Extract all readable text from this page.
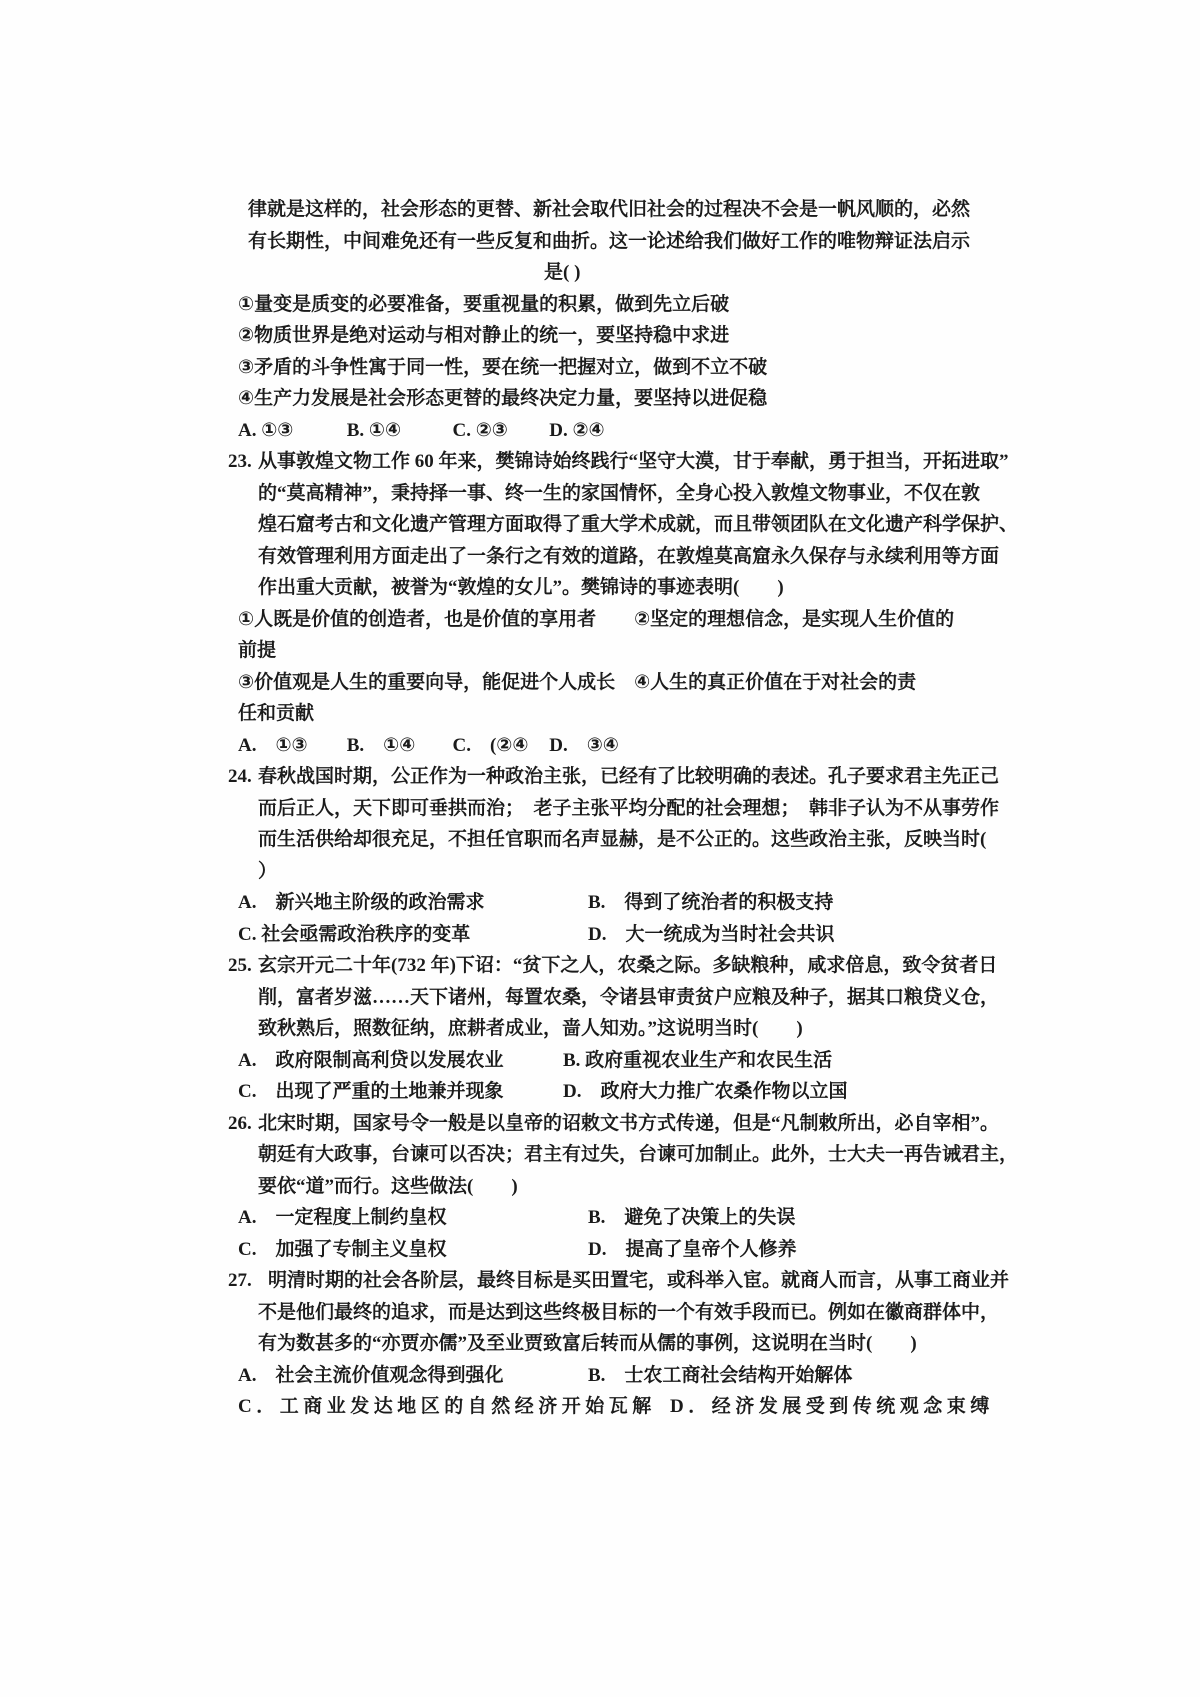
律就是这样的，社会形态的更替、新社会取代旧社会的过程决不会是一帆风顺的，必然
有长期性，中间难免还有一些反复和曲折。这一论述给我们做好工作的唯物辩证法启示
是( )
①量变是质变的必要准备，要重视量的积累，做到先立后破
②物质世界是绝对运动与相对静止的统一，要坚持稳中求进
③矛盾的斗争性寓于同一性，要在统一把握对立，做到不立不破
④生产力发展是社会形态更替的最终决定力量，要坚持以进促稳
A. ①③	B. ①④	C. ②③ D. ②④
23. 从事敦煌文物工作 60 年来，樊锦诗始终践行“坚守大漠，甘于奉献，勇于担当，开拓进取”
的“莫高精神”，秉持择一事、终一生的家国情怀，全身心投入敦煌文物事业，不仅在敦
煌石窟考古和文化遗产管理方面取得了重大学术成就，而且带领团队在文化遗产科学保护、
有效管理利用方面走出了一条行之有效的道路，在敦煌莫高窟永久保存与永续利用等方面
作出重大贡献，被誉为“敦煌的女儿”。樊锦诗的事迹表明(　　)
①人既是价值的创造者，也是价值的享用者　　②坚定的理想信念，是实现人生价值的
前提
③价值观是人生的重要向导，能促进个人成长　④人生的真正价值在于对社会的责
任和贡献
A.　①③ B.　①④ C.　(②④ D.　③④
24. 春秋战国时期，公正作为一种政治主张，已经有了比较明确的表述。孔子要求君主先正己
而后正人，天下即可垂拱而治；　老子主张平均分配的社会理想；　韩非子认为不从事劳作
而生活供给却很充足，不担任官职而名声显赫，是不公正的。这些政治主张，反映当时(
）
A.　新兴地主阶级的政治需求	B.　得到了统治者的积极支持
C. 社会亟需政治秩序的变革	D.　大一统成为当时社会共识
25. 玄宗开元二十年(732 年)下诏：“贫下之人，农桑之际。多缺粮种，咸求倍息，致令贫者日
削，富者岁滋……天下诸州，每置农桑，令诸县审责贫户应粮及种子，据其口粮贷义仓，
致秋熟后，照数征纳，庶耕者成业，啬人知劝。”这说明当时(　　)
A.　政府限制高利贷以发展农业	B. 政府重视农业生产和农民生活
C.　出现了严重的土地兼并现象	D.　政府大力推广农桑作物以立国
26. 北宋时期，国家号令一般是以皇帝的诏敕文书方式传递，但是“凡制敕所出，必自宰相”。
朝廷有大政事，台谏可以否决；君主有过失，台谏可加制止。此外，士大夫一再告诫君主，
要依“道”而行。这些做法(　　)
A.　一定程度上制约皇权	B.　避免了决策上的失误
C.　加强了专制主义皇权	D.　提高了皇帝个人修养
27. 明清时期的社会各阶层，最终目标是买田置宅，或科举入宦。就商人而言，从事工商业并
不是他们最终的追求，而是达到这些终极目标的一个有效手段而已。例如在徽商群体中，
有为数甚多的“亦贾亦儒”及至业贾致富后转而从儒的事例，这说明在当时(　　)
A.　社会主流价值观念得到强化	B.　士农工商社会结构开始解体
C．工商业发达地区的自然经济开始瓦解 D．经济发展受到传统观念束缚
